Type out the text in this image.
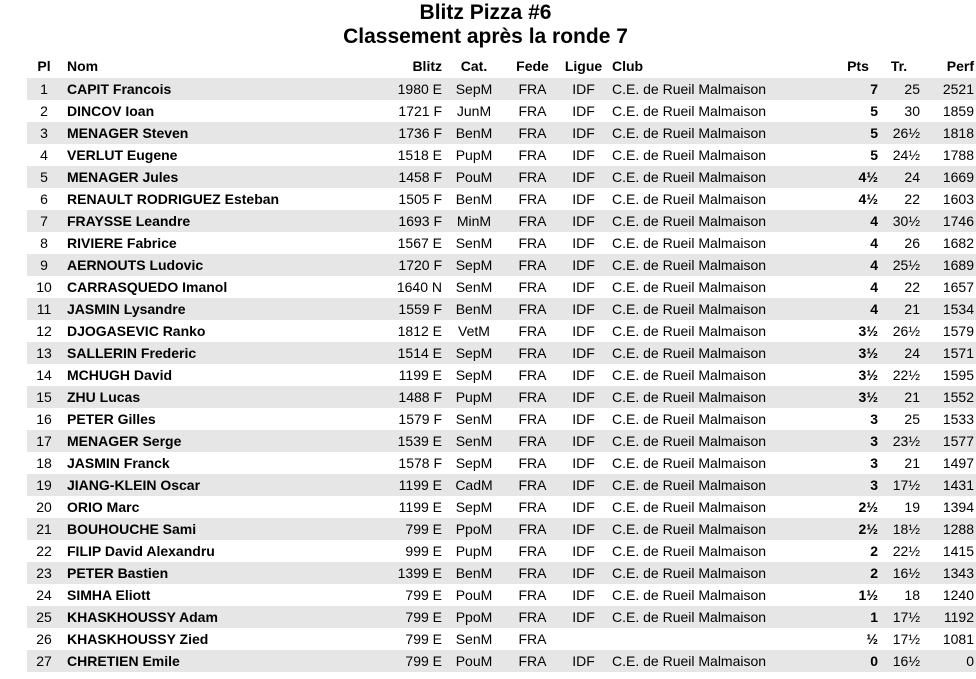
Blitz Pizza #6
Classement après la ronde 7
Pl	Nom	Blitz	Cat.	Fede	Ligue	Club	Pts	Tr.	Perf
1	CAPIT Francois	1980 E	SepM	FRA	IDF	C.E. de Rueil Malmaison	7	25	2521
2	DINCOV Ioan	1721 F	JunM	FRA	IDF	C.E. de Rueil Malmaison	5	30	1859
3	MENAGER Steven	1736 F	BenM	FRA	IDF	C.E. de Rueil Malmaison	5	26½	1818
4	VERLUT Eugene	1518 E	PupM	FRA	IDF	C.E. de Rueil Malmaison	5	24½	1788
5	MENAGER Jules	1458 F	PouM	FRA	IDF	C.E. de Rueil Malmaison	4½	24	1669
6	RENAULT RODRIGUEZ Esteban	1505 F	BenM	FRA	IDF	C.E. de Rueil Malmaison	4½	22	1603
7	FRAYSSE Leandre	1693 F	MinM	FRA	IDF	C.E. de Rueil Malmaison	4	30½	1746
8	RIVIERE Fabrice	1567 E	SenM	FRA	IDF	C.E. de Rueil Malmaison	4	26	1682
9	AERNOUTS Ludovic	1720 F	SepM	FRA	IDF	C.E. de Rueil Malmaison	4	25½	1689
10	CARRASQUEDO Imanol	1640 N	SenM	FRA	IDF	C.E. de Rueil Malmaison	4	22	1657
11	JASMIN Lysandre	1559 F	BenM	FRA	IDF	C.E. de Rueil Malmaison	4	21	1534
12	DJOGASEVIC Ranko	1812 E	VetM	FRA	IDF	C.E. de Rueil Malmaison	3½	26½	1579
13	SALLERIN Frederic	1514 E	SepM	FRA	IDF	C.E. de Rueil Malmaison	3½	24	1571
14	MCHUGH David	1199 E	SepM	FRA	IDF	C.E. de Rueil Malmaison	3½	22½	1595
15	ZHU Lucas	1488 F	PupM	FRA	IDF	C.E. de Rueil Malmaison	3½	21	1552
16	PETER Gilles	1579 F	SenM	FRA	IDF	C.E. de Rueil Malmaison	3	25	1533
17	MENAGER Serge	1539 E	SenM	FRA	IDF	C.E. de Rueil Malmaison	3	23½	1577
18	JASMIN Franck	1578 F	SepM	FRA	IDF	C.E. de Rueil Malmaison	3	21	1497
19	JIANG-KLEIN Oscar	1199 E	CadM	FRA	IDF	C.E. de Rueil Malmaison	3	17½	1431
20	ORIO Marc	1199 E	SepM	FRA	IDF	C.E. de Rueil Malmaison	2½	19	1394
21	BOUHOUCHE Sami	799 E	PpoM	FRA	IDF	C.E. de Rueil Malmaison	2½	18½	1288
22	FILIP David Alexandru	999 E	PupM	FRA	IDF	C.E. de Rueil Malmaison	2	22½	1415
23	PETER Bastien	1399 E	BenM	FRA	IDF	C.E. de Rueil Malmaison	2	16½	1343
24	SIMHA Eliott	799 E	PouM	FRA	IDF	C.E. de Rueil Malmaison	1½	18	1240
25	KHASKHOUSSY Adam	799 E	PpoM	FRA	IDF	C.E. de Rueil Malmaison	1	17½	1192
26	KHASKHOUSSY Zied	799 E	SenM	FRA			½	17½	1081
27	CHRETIEN Emile	799 E	PouM	FRA	IDF	C.E. de Rueil Malmaison	0	16½	0
